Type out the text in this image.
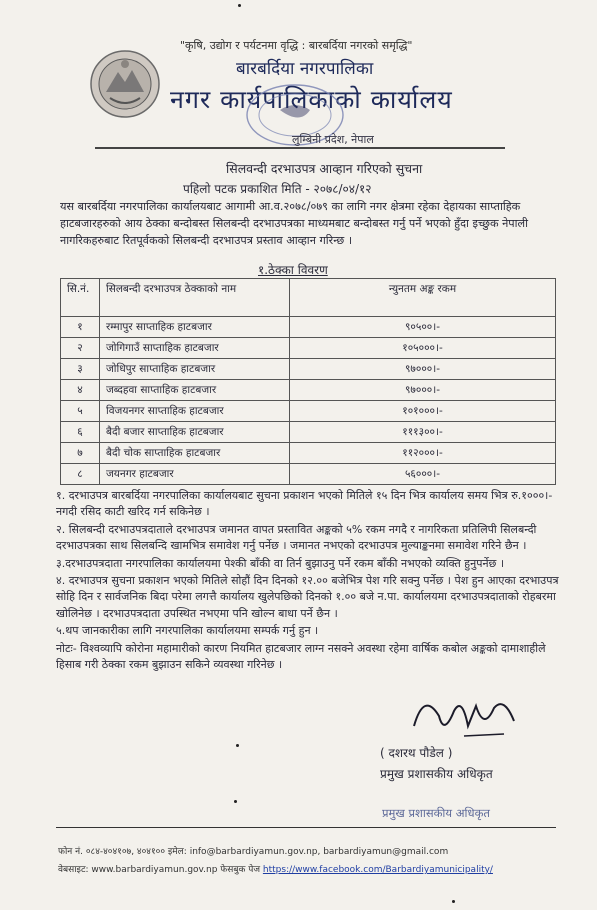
"कृषि, उद्योग र पर्यटनमा वृद्धि : बारबर्दिया नगरको समृद्धि"
बारबर्दिया नगरपालिका
नगर कार्यपालिकाको कार्यालय
लुम्बिनी प्रदेश, नेपाल
सिलवन्दी दरभाउपत्र आव्हान गरिएको सुचना
पहिलो पटक प्रकाशित मिति - २०७८/०४/१२
यस बारबर्दिया नगरपालिका कार्यालयबाट आगामी आ.व.२०७८/०७९ का लागि नगर क्षेत्रमा रहेका देहायका साप्ताहिक हाटबजारहरुको आय ठेक्का बन्दोबस्त सिलबन्दी दरभाउपत्रका माध्यमबाट बन्दोबस्त गर्नु पर्ने भएको हुँदा इच्छुक नेपाली नागरिकहरुबाट रितपूर्वकको सिलबन्दी दरभाउपत्र प्रस्ताव आव्हान गरिन्छ ।
१.ठेक्का विवरण
सि.नं.	सिलबन्दी दरभाउपत्र ठेक्काको नाम	न्युनतम अङ्क रकम
१	रम्मापुर साप्ताहिक हाटबजार	९०५००।-
२	जोगिगाउँ साप्ताहिक हाटबजार	१०५०००।-
३	जोधिपुर साप्ताहिक हाटबजार	९७०००।-
४	जब्दहवा साप्ताहिक हाटबजार	९७०००।-
५	विजयनगर साप्ताहिक हाटबजार	१०१०००।-
६	बैदी बजार साप्ताहिक हाटबजार	१११३००।-
७	बैदी चोक साप्ताहिक हाटबजार	११२०००।-
८	जयनगर हाटबजार	५६०००।-

१. दरभाउपत्र बारबर्दिया नगरपालिका कार्यालयबाट सुचना प्रकाशन भएको मितिले १५ दिन भित्र कार्यालय समय भित्र रु.१०००।- नगदी रसिद काटी खरिद गर्न सकिनेछ ।

२. सिलबन्दी दरभाउपत्रदाताले दरभाउपत्र जमानत वापत प्रस्तावित अङ्कको ५% रकम नगदै र नागरिकता प्रतिलिपी सिलबन्दी दरभाउपत्रका साथ सिलबन्दि खामभित्र समावेश गर्नु पर्नेछ । जमानत नभएको दरभाउपत्र मुल्याङ्कनमा समावेश गरिने छैन ।

३.दरभाउपत्रदाता नगरपालिका कार्यालयमा पेश्की बाँकी वा तिर्न बुझाउनु पर्ने रकम बाँकी नभएको व्यक्ति हुनुपर्नेछ ।

४. दरभाउपत्र सुचना प्रकाशन भएको मितिले सोहौं दिन दिनको १२.०० बजेभित्र पेश गरि सक्नु पर्नेछ । पेश हुन आएका दरभाउपत्र सोहि दिन र सार्वजनिक बिदा परेमा लगत्तै कार्यालय खुलेपछिको दिनको १.०० बजे न.पा. कार्यालयमा दरभाउपत्रदाताको रोहबरमा खोलिनेछ । दरभाउपत्रदाता उपस्थित नभएमा पनि खोल्न बाधा पर्ने छैन ।

५.थप जानकारीका लागि नगरपालिका कार्यालयमा सम्पर्क गर्नु हुन ।

नोटः- विश्वव्यापि कोरोना महामारीको कारण नियमित हाटबजार लाग्न नसक्ने अवस्था रहेमा वार्षिक कबोल अङ्कको दामाशाहीले हिसाब गरी ठेक्का रकम बुझाउन सकिने व्यवस्था गरिनेछ ।

( दशरथ पौडेल )
प्रमुख प्रशासकीय अधिकृत
प्रमुख प्रशासकीय अधिकृत
फोन नं. ०८४-४०४१०७, ४०४१०० इमेल: info@barbardiyamun.gov.np, barbardiyamun@gmail.com
वेबसाइट: www.barbardiyamun.gov.np फेसबुक पेज https://www.facebook.com/Barbardiyamunicipality/
